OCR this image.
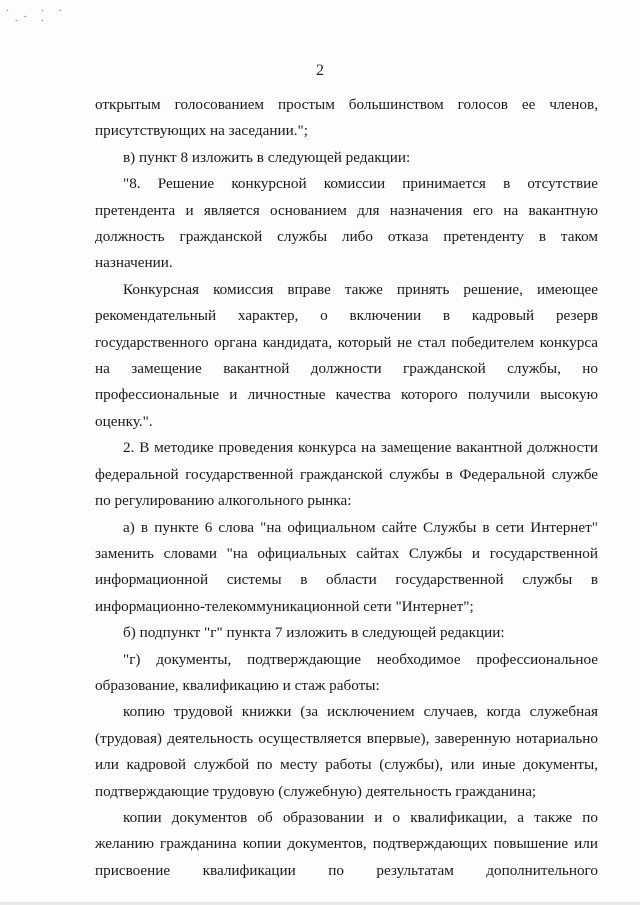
˙ . ˙ ˙
˙  ˙
2

открытым голосованием простым большинством голосов ее членов, присутствующих на заседании.";

в) пункт 8 изложить в следующей редакции:

"8. Решение конкурсной комиссии принимается в отсутствие претендента и является основанием для назначения его на вакантную должность гражданской службы либо отказа претенденту в таком назначении.

Конкурсная комиссия вправе также принять решение, имеющее рекомендательный характер, о включении в кадровый резерв государственного органа кандидата, который не стал победителем конкурса на замещение вакантной должности гражданской службы, но профессиональные и личностные качества которого получили высокую оценку.".

2. В методике проведения конкурса на замещение вакантной должности федеральной государственной гражданской службы в Федеральной службе по регулированию алкогольного рынка:

а) в пункте 6 слова "на официальном сайте Службы в сети Интернет" заменить словами "на официальных сайтах Службы и государственной информационной системы в области государственной службы в информационно-телекоммуникационной сети "Интернет";

б) подпункт "г" пункта 7 изложить в следующей редакции:

"г) документы, подтверждающие необходимое профессиональное образование, квалификацию и стаж работы:

копию трудовой книжки (за исключением случаев, когда служебная (трудовая) деятельность осуществляется впервые), заверенную нотариально или кадровой службой по месту работы (службы), или иные документы, подтверждающие трудовую (служебную) деятельность гражданина;

копии документов об образовании и о квалификации, а также по желанию гражданина копии документов, подтверждающих повышение или присвоение квалификации по результатам дополнительного
